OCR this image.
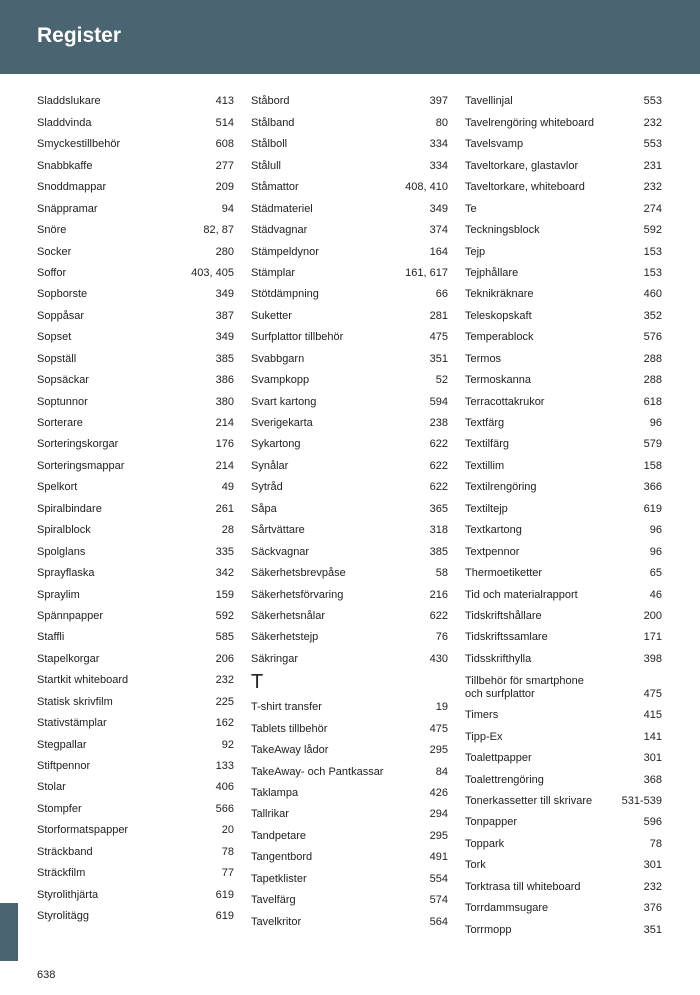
Register
Sladdslukare	413
Sladdvinda	514
Smyckestillbehör	608
Snabbkaffe	277
Snoddmappar	209
Snäppramar	94
Snöre	82, 87
Socker	280
Soffor	403, 405
Sopborste	349
Soppåsar	387
Sopset	349
Sopställ	385
Sopsäckar	386
Soptunnor	380
Sorterare	214
Sorteringskorgar	176
Sorteringsmappar	214
Spelkort	49
Spiralbindare	261
Spiralblock	28
Spolglans	335
Sprayflaska	342
Spraylim	159
Spännpapper	592
Staffli	585
Stapelkorgar	206
Startkit whiteboard	232
Statisk skrivfilm	225
Stativstämplar	162
Stegpallar	92
Stiftpennor	133
Stolar	406
Stompfer	566
Storformatspapper	20
Sträckband	78
Sträckfilm	77
Styrolithjärta	619
Styrolitägg	619
Ståbord	397
Stålband	80
Stålboll	334
Stålull	334
Ståmattor	408, 410
Städmateriel	349
Städvagnar	374
Stämpeldynor	164
Stämplar	161, 617
Stötdämpning	66
Suketter	281
Surfplattor tillbehör	475
Svabbgarn	351
Svampkopp	52
Svart kartong	594
Sverigekarta	238
Sykartong	622
Synålar	622
Sytråd	622
Såpa	365
Sårtvättare	318
Säckvagnar	385
Säkerhetsbrevpåse	58
Säkerhetsförvaring	216
Säkerhetsnålar	622
Säkerhetstejp	76
Säkringar	430
T
T-shirt transfer	19
Tablets tillbehör	475
TakeAway lådor	295
TakeAway- och Pantkassar	84
Taklampa	426
Tallrikar	294
Tandpetare	295
Tangentbord	491
Tapetklister	554
Tavelfärg	574
Tavelkritor	564
Tavellinjal	553
Tavelrengöring whiteboard	232
Tavelsvamp	553
Taveltorkare, glastavlor	231
Taveltorkare, whiteboard	232
Te	274
Teckningsblock	592
Tejp	153
Tejphållare	153
Teknikräknare	460
Teleskopskaft	352
Temperablock	576
Termos	288
Termoskanna	288
Terracottakrukor	618
Textfärg	96
Textilfärg	579
Textillim	158
Textilrengöring	366
Textiltejp	619
Textkartong	96
Textpennor	96
Thermoetiketter	65
Tid och materialrapport	46
Tidskriftshållare	200
Tidskriftssamlare	171
Tidsskrifthylla	398
Tillbehör för smartphone
och surfplattor	475
Timers	415
Tipp-Ex	141
Toalettpapper	301
Toalettrengöring	368
Tonerkassetter till skrivare	531-539
Tonpapper	596
Toppark	78
Tork	301
Torktrasa till whiteboard	232
Torrdammsugare	376
Torrmopp	351
638
